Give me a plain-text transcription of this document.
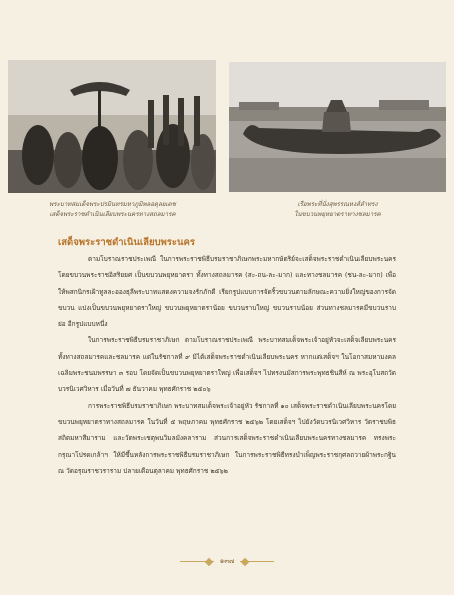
พระบาทสมเด็จพระปรมินทรมหาภูมิพลอดุลยเดช
เสด็จพระราชดำเนินเลียบพระนครทางสถลมารค
เรือพระที่นั่งสุพรรณหงส์ลำทรง
ในขบวนพยุหยาตราทางชลมารค
เสด็จพระราชดำเนินเลียบพระนคร

ตามโบราณราชประเพณี ในการพระราชพิธีบรมราชาภิเษกพระมหากษัตริย์จะเสด็จพระราชดำเนินเลียบพระนคร โดยขบวนพระราชอิสริยยศ เป็นขบวนพยุหยาตรา ทั้งทางสถลมารค (สะ-ถน-ละ-มาก) และทางชลมารค (ชน-ละ-มาก) เพื่อให้พสกนิกรเฝ้าทูลละอองธุลีพระบาทแสดงความจงรักภักดี เรียกรูปแบบการจัดริ้วขบวนตามลักษณะความยิ่งใหญ่ของการจัดขบวน แบ่งเป็นขบวนพยุหยาตราใหญ่ ขบวนพยุหยาตราน้อย ขบวนราบใหญ่ ขบวนราบน้อย ส่วนทางชลมารคมีขบวนราบย่อ อีกรูปแบบหนึ่ง

ในการพระราชพิธีบรมราชาภิเษก ตามโบราณราชประเพณี พระบาทสมเด็จพระเจ้าอยู่หัวจะเสด็จเลียบพระนครทั้งทางสถลมารคและชลมารค แต่ในรัชกาลที่ ๙ มิได้เสด็จพระราชดำเนินเลียบพระนคร หากแต่เสด็จฯ ในโอกาสมหามงคลเฉลิมพระชนมพรรษา ๓ รอบ โดยจัดเป็นขบวนพยุหยาตราใหญ่ เพื่อเสด็จฯ ไปทรงนมัสการพระพุทธชินสีห์ ณ พระอุโบสถวัดบวรนิเวศวิหาร เมื่อวันที่ ๗ ธันวาคม พุทธศักราช ๒๕๐๖

การพระราชพิธีบรมราชาภิเษก พระบาทสมเด็จพระเจ้าอยู่หัว รัชกาลที่ ๑๐ เสด็จพระราชดำเนินเลียบพระนครโดยขบวนพยุหยาตราทางสถลมารค ในวันที่ ๕ พฤษภาคม พุทธศักราช ๒๕๖๒ โดยเสด็จฯ ไปยังวัดบวรนิเวศวิหาร วัดราชบพิธสถิตมหาสีมาราม และวัดพระเชตุพนวิมลมังคลาราม ส่วนการเสด็จพระราชดำเนินเลียบพระนครทางชลมารค ทรงพระกรุณาโปรดเกล้าฯ ให้มีขึ้นหลังการพระราชพิธีบรมราชาภิเษก ในการพระราชพิธีทรงบำเพ็ญพระราชกุศลถวายผ้าพระกฐิน ณ วัดอรุณราชวราราม ปลายเดือนตุลาคม พุทธศักราช ๒๕๖๒

๑๓๗
